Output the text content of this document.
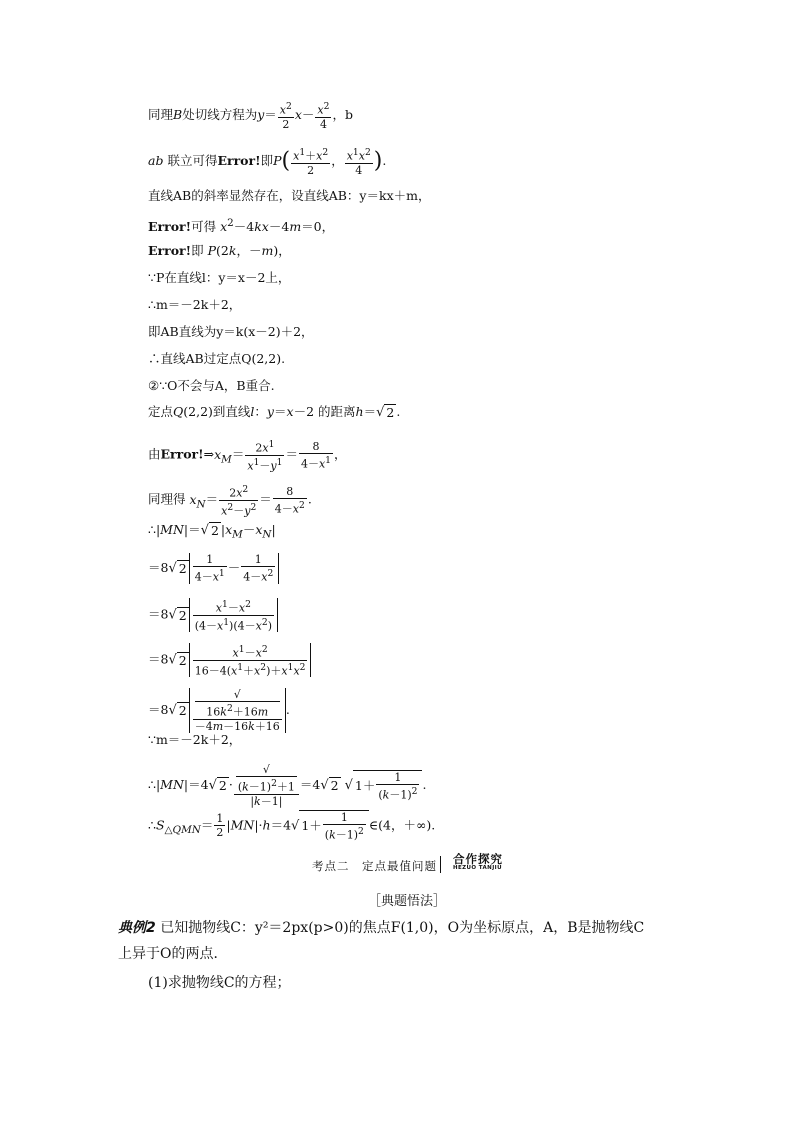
同理B处切线方程为$y= \frac{x^2}{2} x- \frac{x^2}{4}$ ，b
ab 联立可得Error!即$P( \frac{x^1+x^2}{2}$ ， $\frac{x^1x^2}{4}$ ).
直线AB的斜率显然存在，设直线AB：y＝kx＋m，
Error!可得 $x^2-4kx-4m=0$，
Error!即 P(2k，－m)，
∵P在直线l：y＝x－2上，
∴m＝－2k＋2，
即AB直线为y＝k(x－2)＋2，
∴直线AB过定点Q(2,2).
②∵O不会与A，B重合.
定点Q(2,2)到直线l：y＝x－2 的距离h＝√ 2 .
由$Error!\Rightarrow x_M= \frac{2x^1}{x^1-y^1} = \frac{8}{4-x^1}$ ，
同理得 $x_N= \frac{2x^2}{x^2-y^2} = \frac{8}{4-x^2}$ .
∴|MN|＝√ 2 $|x_M-x_N|$
＝8√ $2 \frac{1}{4-x^1} - \frac{1}{4-x^2}$
＝8√ $2 \frac{x^1-x^2}{(4-x^1)(4-x^2)}$
＝8√ $2 \frac{x^1-x^2}{16-4(x^1+x^2)+x^1x^2}$
＝8√ 2 √
$16k^2+16m$
－4m－16k＋16 .
∵m＝－2k＋2，
∴|MN|＝4√ 2 · √
$(k-1)^2+1$
|k－1| ＝4√ 2 √ $1+ \frac{1}{(k-1)^2}$ .
$\therefore S_{\triangle QMN}= \frac{1}{2} |MN|\cdot h=4√$ $1+ \frac{1}{(k-1)^2}$ ∈(4，＋∞).
考点二　定点最值问题 合作探究
HEZUO TANJIU
［典题悟法］
典例2 已知抛物线C：y²＝2px(p>0)的焦点F(1,0)，O为坐标原点，A，B是抛物线C
上异于O的两点．
(1)求抛物线C的方程；
